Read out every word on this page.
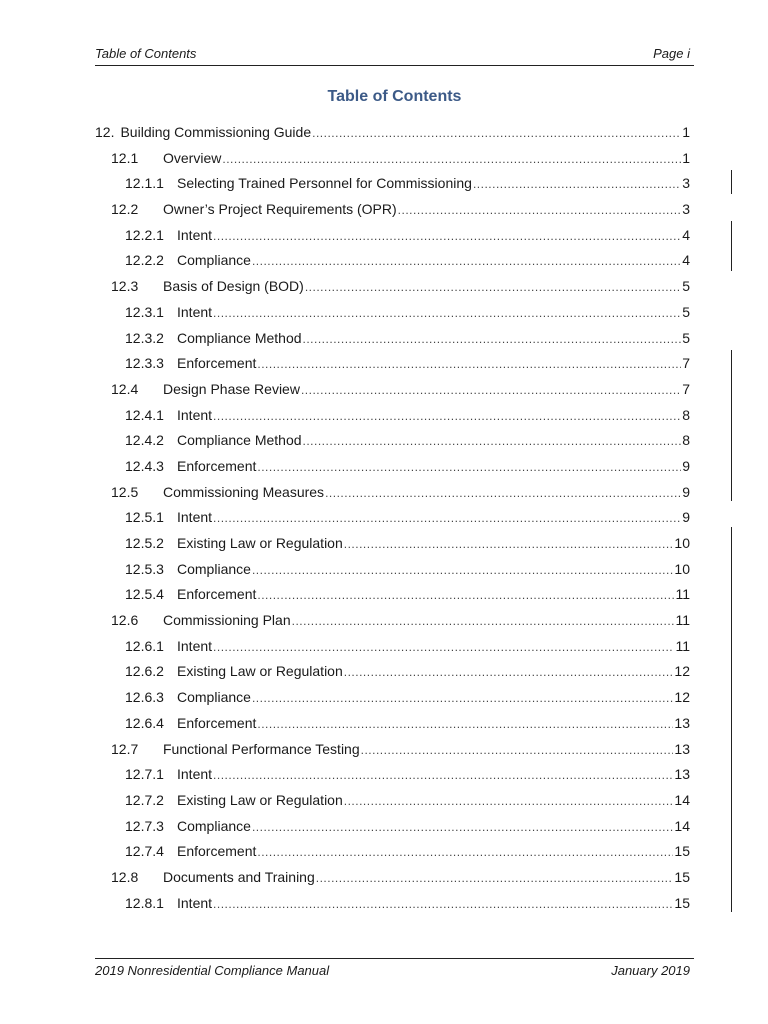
Table of Contents	Page i
Table of Contents
12. Building Commissioning Guide .....	1
12.1	Overview .....	1
12.1.1 Selecting Trained Personnel for Commissioning .....	3
12.2	Owner’s Project Requirements (OPR) .....	3
12.2.1 Intent .....	4
12.2.2 Compliance .....	4
12.3	Basis of Design (BOD) .....	5
12.3.1 Intent .....	5
12.3.2 Compliance Method .....	5
12.3.3 Enforcement .....	7
12.4	Design Phase Review .....	7
12.4.1 Intent .....	8
12.4.2 Compliance Method .....	8
12.4.3 Enforcement .....	9
12.5	Commissioning Measures .....	9
12.5.1 Intent .....	9
12.5.2 Existing Law or Regulation .....	10
12.5.3 Compliance .....	10
12.5.4 Enforcement .....	11
12.6	Commissioning Plan .....	11
12.6.1 Intent .....	11
12.6.2 Existing Law or Regulation .....	12
12.6.3 Compliance .....	12
12.6.4 Enforcement .....	13
12.7	Functional Performance Testing .....	13
12.7.1 Intent .....	13
12.7.2 Existing Law or Regulation .....	14
12.7.3 Compliance .....	14
12.7.4 Enforcement .....	15
12.8	Documents and Training .....	15
12.8.1 Intent .....	15
2019 Nonresidential Compliance Manual	January 2019
